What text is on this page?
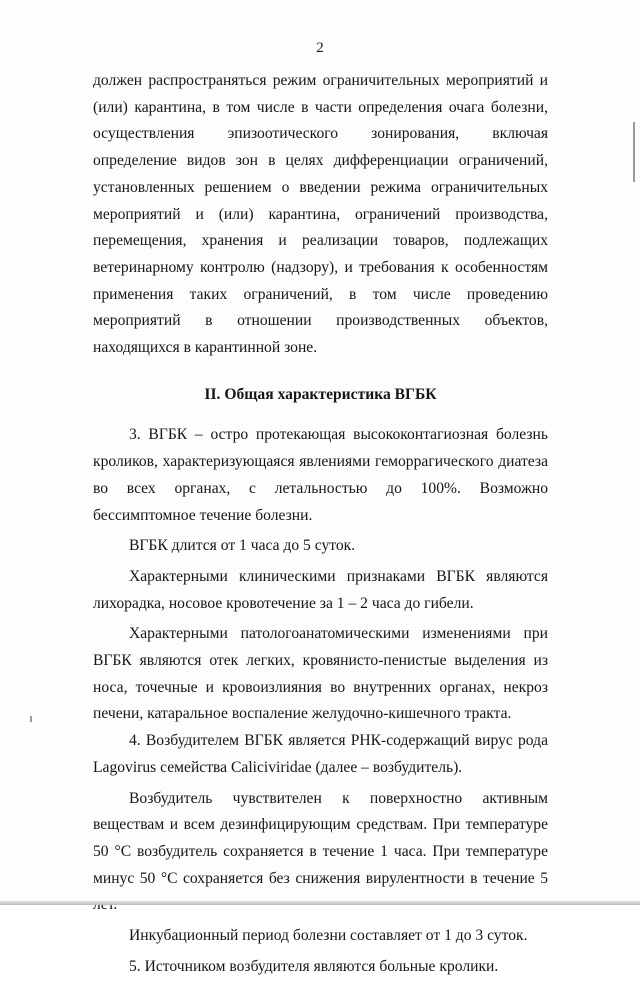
2

должен распространяться режим ограничительных мероприятий и (или) карантина, в том числе в части определения очага болезни, осуществления эпизоотического зонирования, включая определение видов зон в целях дифференциации ограничений, установленных решением о введении режима ограничительных мероприятий и (или) карантина, ограничений производства, перемещения, хранения и реализации товаров, подлежащих ветеринарному контролю (надзору), и требования к особенностям применения таких ограничений, в том числе проведению мероприятий в отношении производственных объектов, находящихся в карантинной зоне.

II. Общая характеристика ВГБК

3. ВГБК – остро протекающая высококонтагиозная болезнь кроликов, характеризующаяся явлениями геморрагического диатеза во всех органах, с летальностью до 100%. Возможно бессимптомное течение болезни.

ВГБК длится от 1 часа до 5 суток.

Характерными клиническими признаками ВГБК являются лихорадка, носовое кровотечение за 1 – 2 часа до гибели.

Характерными патологоанатомическими изменениями при ВГБК являются отек легких, кровянисто-пенистые выделения из носа, точечные и кровоизлияния во внутренних органах, некроз печени, катаральное воспаление желудочно-кишечного тракта.

4. Возбудителем ВГБК является РНК-содержащий вирус рода Lagovirus семейства Caliciviridae (далее – возбудитель).

Возбудитель чувствителен к поверхностно активным веществам и всем дезинфицирующим средствам. При температуре 50 °С возбудитель сохраняется в течение 1 часа. При температуре минус 50 °С сохраняется без снижения вирулентности в течение 5

Инкубационный период болезни составляет от 1 до 3 суток.

5. Источником возбудителя являются больные кролики.
